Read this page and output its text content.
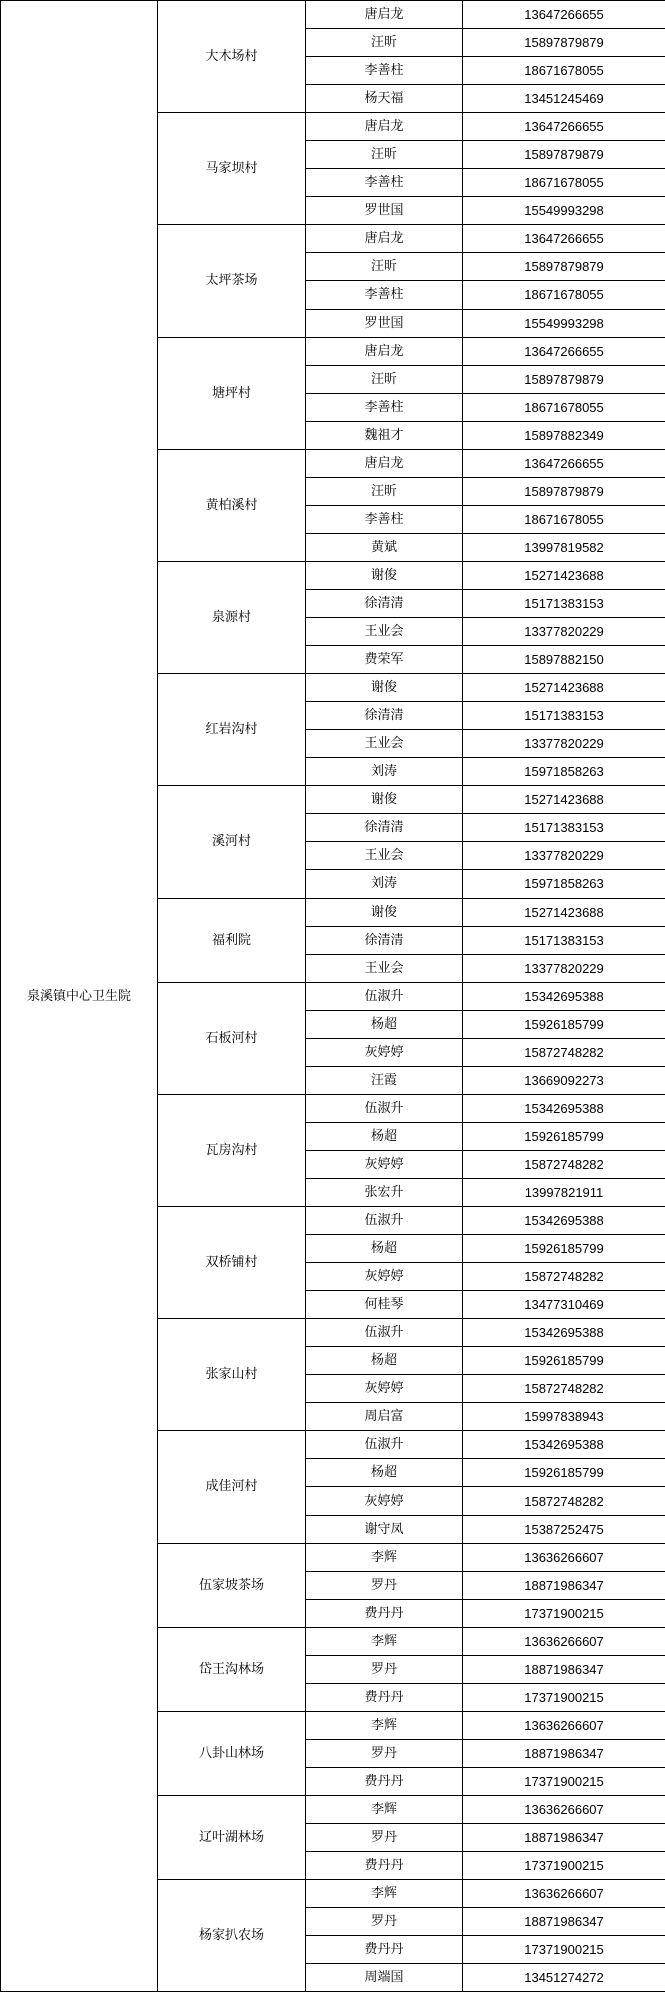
泉溪镇中心卫生院	大木场村	唐启龙	13647266655
		汪昕	15897879879
		李善柱	18671678055
		杨天福	13451245469
	马家坝村	唐启龙	13647266655
		汪昕	15897879879
		李善柱	18671678055
		罗世国	15549993298
	太坪茶场	唐启龙	13647266655
		汪昕	15897879879
		李善柱	18671678055
		罗世国	15549993298
	塘坪村	唐启龙	13647266655
		汪昕	15897879879
		李善柱	18671678055
		魏祖才	15897882349
	黄柏溪村	唐启龙	13647266655
		汪昕	15897879879
		李善柱	18671678055
		黄斌	13997819582
	泉源村	谢俊	15271423688
		徐清清	15171383153
		王业会	13377820229
		费荣军	15897882150
	红岩沟村	谢俊	15271423688
		徐清清	15171383153
		王业会	13377820229
		刘涛	15971858263
	溪河村	谢俊	15271423688
		徐清清	15171383153
		王业会	13377820229
		刘涛	15971858263
	福利院	谢俊	15271423688
		徐清清	15171383153
		王业会	13377820229
	石板河村	伍淑升	15342695388
		杨超	15926185799
		灰婷婷	15872748282
		汪霞	13669092273
	瓦房沟村	伍淑升	15342695388
		杨超	15926185799
		灰婷婷	15872748282
		张宏升	13997821911
	双桥铺村	伍淑升	15342695388
		杨超	15926185799
		灰婷婷	15872748282
		何桂琴	13477310469
	张家山村	伍淑升	15342695388
		杨超	15926185799
		灰婷婷	15872748282
		周启富	15997838943
	成佳河村	伍淑升	15342695388
		杨超	15926185799
		灰婷婷	15872748282
		谢守凤	15387252475
	伍家坡茶场	李辉	13636266607
		罗丹	18871986347
		费丹丹	17371900215
	岱王沟林场	李辉	13636266607
		罗丹	18871986347
		费丹丹	17371900215
	八卦山林场	李辉	13636266607
		罗丹	18871986347
		费丹丹	17371900215
	辽叶湖林场	李辉	13636266607
		罗丹	18871986347
		费丹丹	17371900215
	杨家扒农场	李辉	13636266607
		罗丹	18871986347
		费丹丹	17371900215
		周端国	13451274272
